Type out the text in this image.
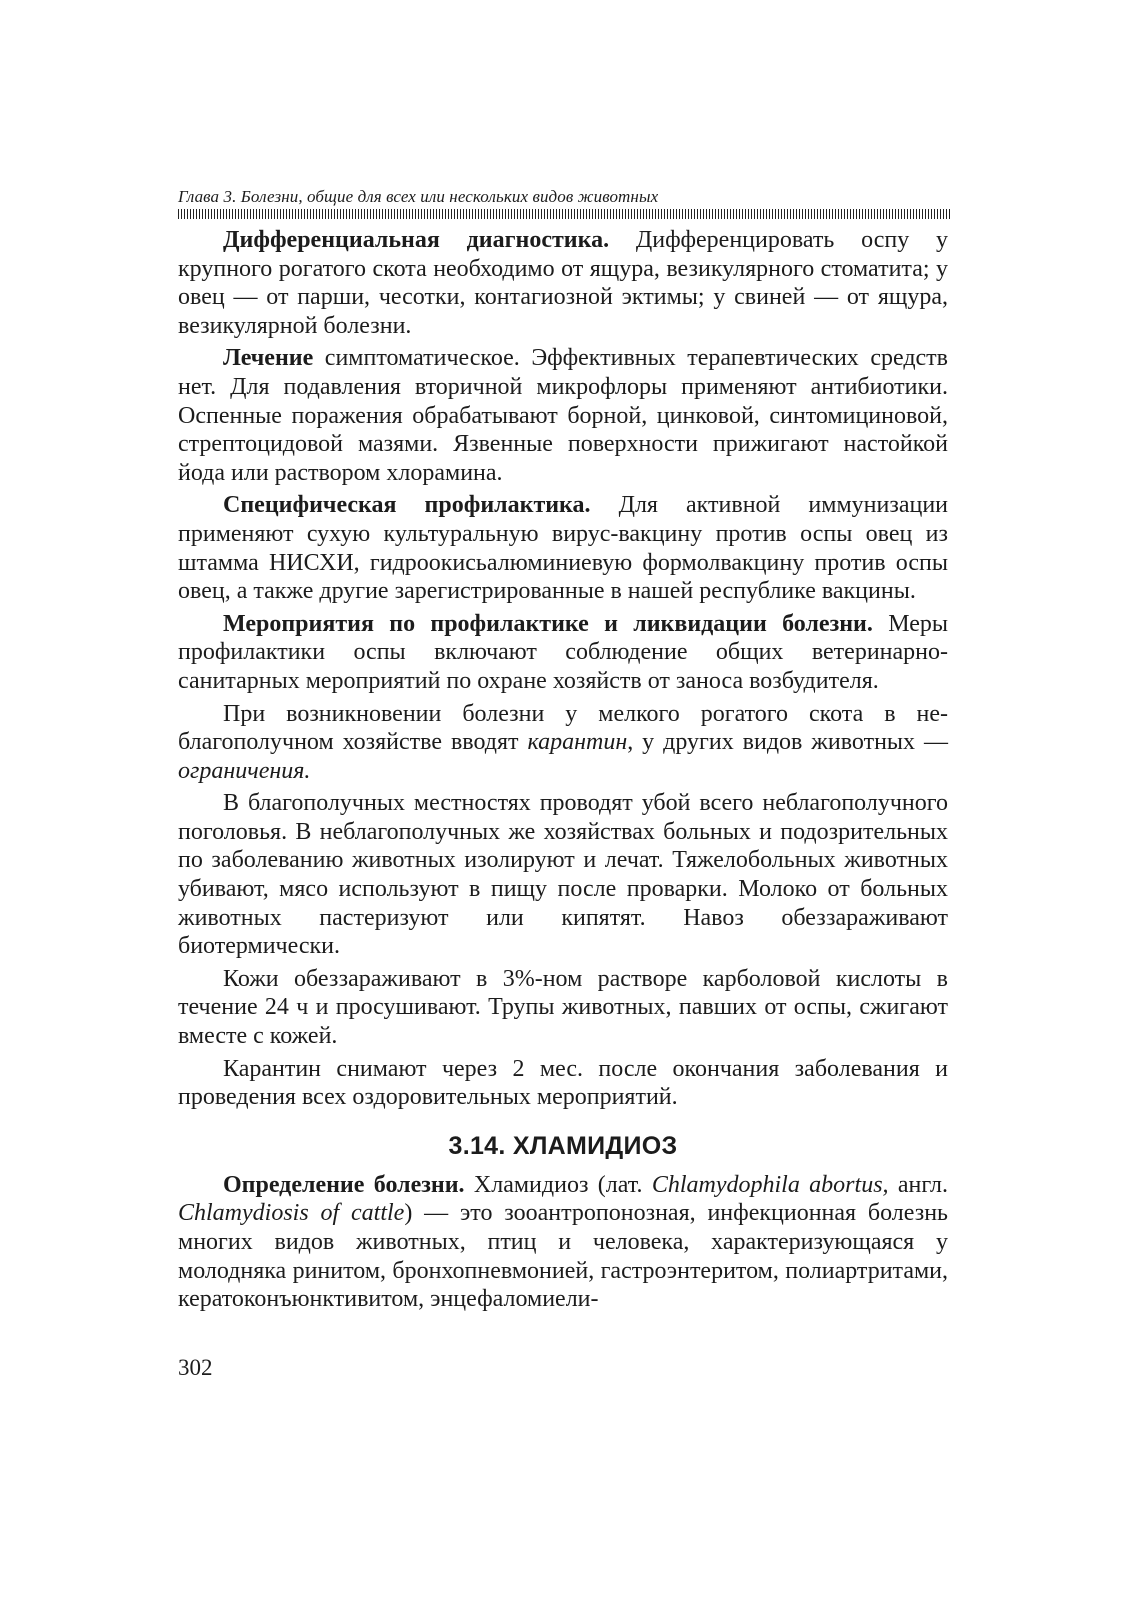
Глава 3. Болезни, общие для всех или нескольких видов животных

Дифференциальная диагностика. Дифференцировать оспу у крупного рогатого скота необходимо от ящура, везикулярного стоматита; у овец — от парши, чесотки, контагиозной эктимы; у свиней — от ящура, везикулярной болезни.

Лечение симптоматическое. Эффективных терапевтических средств нет. Для подавления вторичной микрофлоры применяют антибиотики. Оспенные поражения обрабатывают борной, цинковой, синтомициновой, стрептоцидовой мазями. Язвенные поверхности прижигают настойкой йода или раствором хлорамина.

Специфическая профилактика. Для активной иммунизации применяют сухую культуральную вирус-вакцину против оспы овец из штамма НИСХИ, гидроокисьалюминиевую формолвакцину против оспы овец, а также другие зарегистрированные в нашей республике вакцины.

Мероприятия по профилактике и ликвидации болезни. Меры профилактики оспы включают соблюдение общих ветеринарно-санитарных мероприятий по охране хозяйств от заноса возбудителя.

При возникновении болезни у мелкого рогатого скота в неблагополучном хозяйстве вводят карантин, у других видов животных — ограничения.

В благополучных местностях проводят убой всего неблагополучного поголовья. В неблагополучных же хозяйствах больных и подозрительных по заболеванию животных изолируют и лечат. Тяжелобольных животных убивают, мясо используют в пищу после проварки. Молоко от больных животных пастеризуют или кипятят. Навоз обеззараживают биотермически.

Кожи обеззараживают в 3%-ном растворе карболовой кислоты в течение 24 ч и просушивают. Трупы животных, павших от оспы, сжигают вместе с кожей.

Карантин снимают через 2 мес. после окончания заболевания и проведения всех оздоровительных мероприятий.

3.14. ХЛАМИДИОЗ

Определение болезни. Хламидиоз (лат. Chlamydophila abortus, англ. Chlamydiosis of cattle) — это зооантропонозная, инфекционная болезнь многих видов животных, птиц и человека, характеризующаяся у молодняка ринитом, бронхопневмонией, гастроэнтеритом, полиартритами, кератоконъюнктивитом, энцефаломиели-

302
